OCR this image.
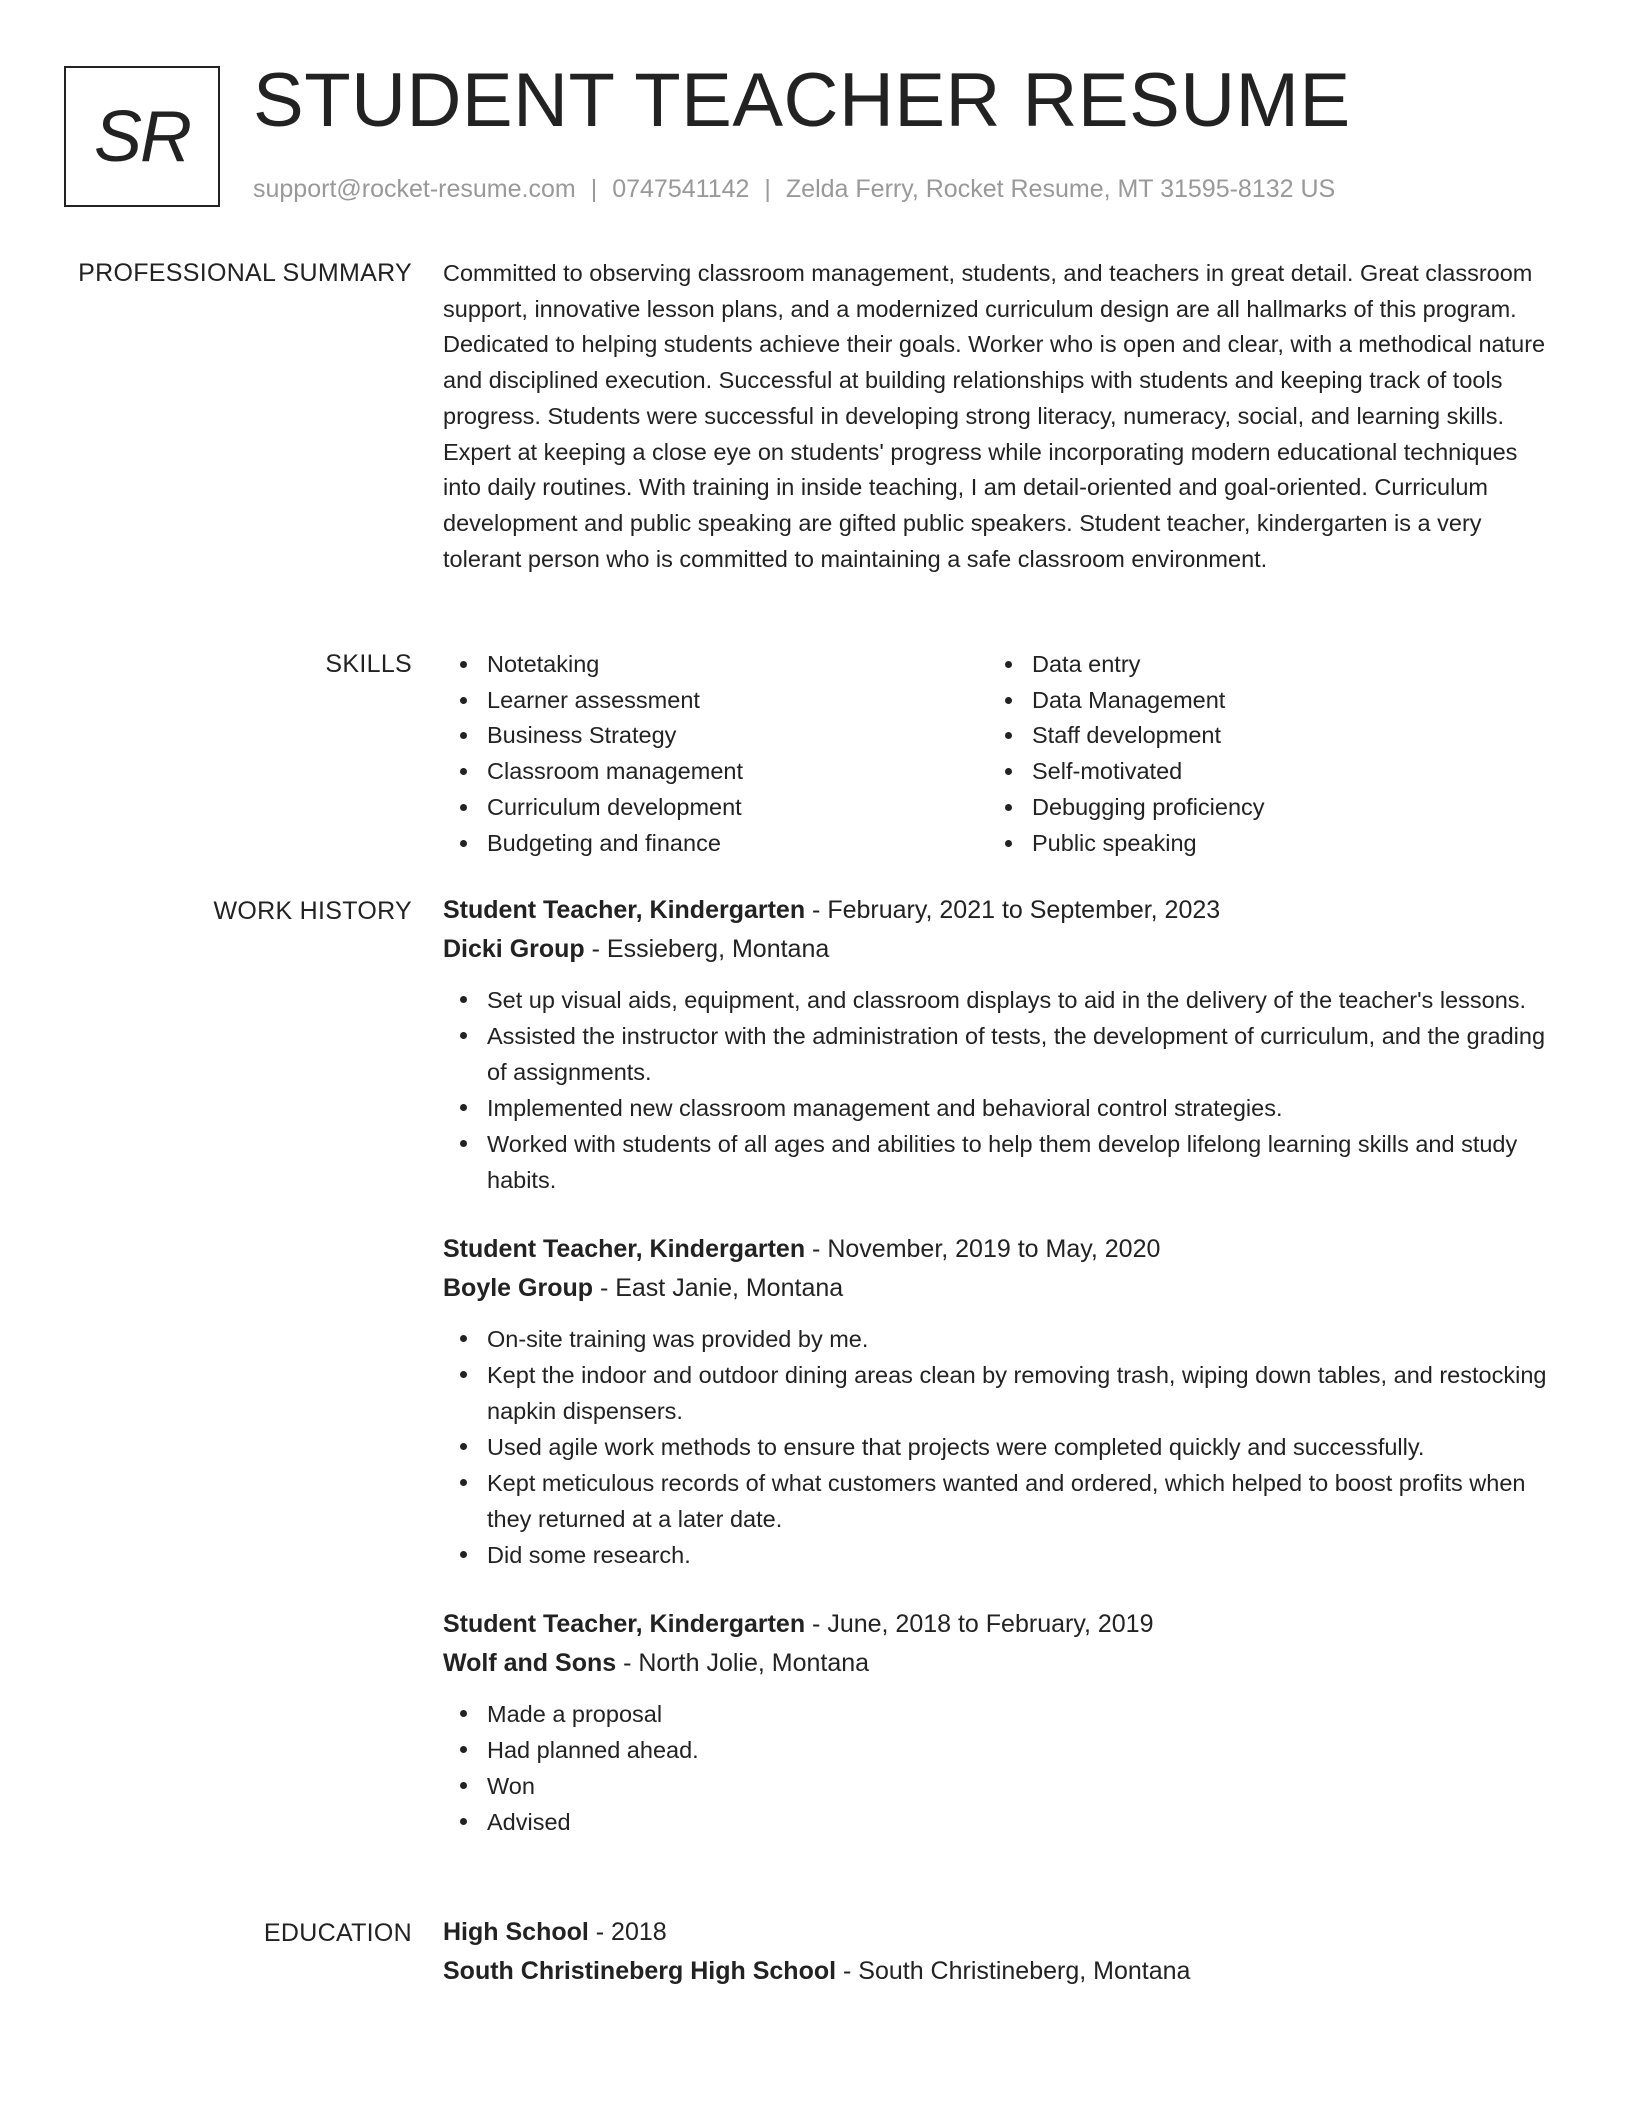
SR STUDENT TEACHER RESUME
support@rocket-resume.com | 0747541142 | Zelda Ferry, Rocket Resume, MT 31595-8132 US
PROFESSIONAL SUMMARY Committed to observing classroom management, students, and teachers in great detail. Great classroom support, innovative lesson plans, and a modernized curriculum design are all hallmarks of this program. Dedicated to helping students achieve their goals. Worker who is open and clear, with a methodical nature and disciplined execution. Successful at building relationships with students and keeping track of tools progress. Students were successful in developing strong literacy, numeracy, social, and learning skills. Expert at keeping a close eye on students' progress while incorporating modern educational techniques into daily routines. With training in inside teaching, I am detail-oriented and goal-oriented. Curriculum development and public speaking are gifted public speakers. Student teacher, kindergarten is a very tolerant person who is committed to maintaining a safe classroom environment.

SKILLS	Notetaking
Learner assessment
Business Strategy
Classroom management
Curriculum development
Budgeting and finance
Data entry
Data Management
Staff development
Self-motivated
Debugging proficiency
Public speaking
WORK HISTORY Student Teacher, Kindergarten - February, 2021 to September, 2023
Dicki Group - Essieberg, Montana
Set up visual aids, equipment, and classroom displays to aid in the delivery of the teacher's lessons.
Assisted the instructor with the administration of tests, the development of curriculum, and the grading of assignments.
Implemented new classroom management and behavioral control strategies.
Worked with students of all ages and abilities to help them develop lifelong learning skills and study habits.
Student Teacher, Kindergarten - November, 2019 to May, 2020
Boyle Group - East Janie, Montana
On-site training was provided by me.
Kept the indoor and outdoor dining areas clean by removing trash, wiping down tables, and restocking napkin dispensers.
Used agile work methods to ensure that projects were completed quickly and successfully.
Kept meticulous records of what customers wanted and ordered, which helped to boost profits when they returned at a later date.
Did some research.
Student Teacher, Kindergarten - June, 2018 to February, 2019
Wolf and Sons - North Jolie, Montana
Made a proposal
Had planned ahead.
Won
Advised
EDUCATION High School - 2018
South Christineberg High School - South Christineberg, Montana
